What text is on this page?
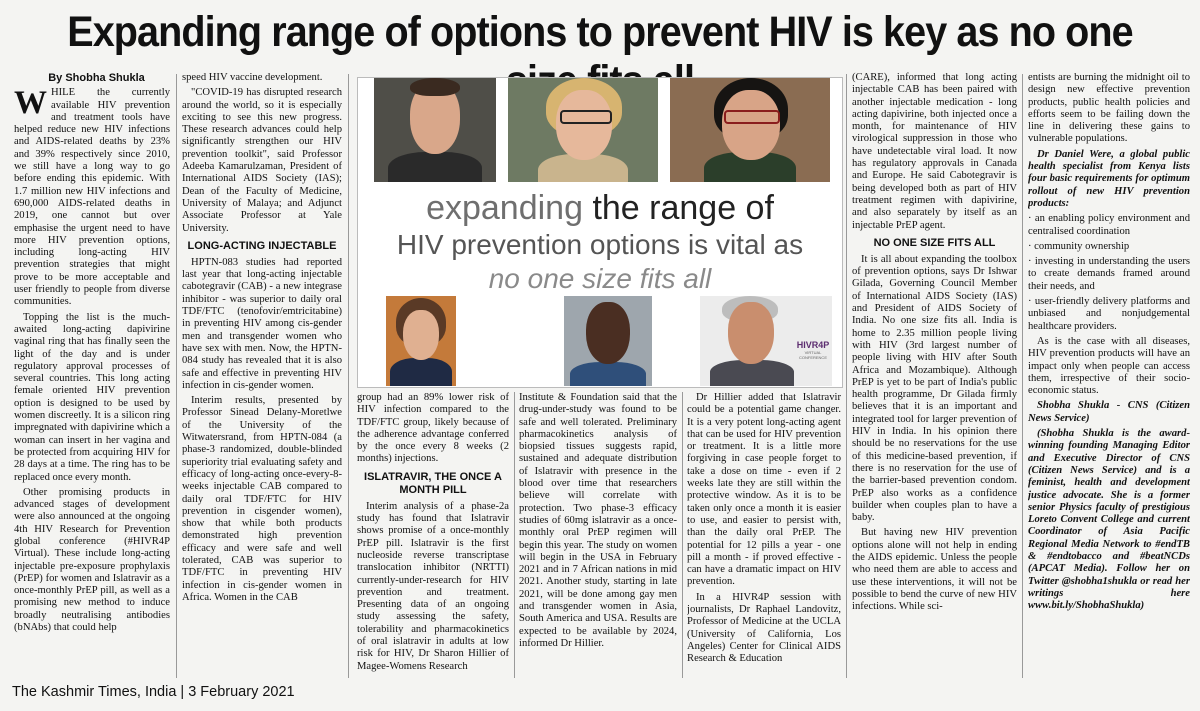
Expanding range of options to prevent HIV is key as no one

By Shobha Shukla

WHILE the currently available HIV prevention and treatment tools have helped reduce new HIV infections and AIDS-related deaths by 23% and 39% respectively since 2010, we still have a long way to go before ending this epidemic. With 1.7 million new HIV infections and 690,000 AIDS-related deaths in 2019, one cannot but over emphasise the urgent need to have more HIV prevention options, including long-acting HIV prevention strategies that might prove to be more acceptable and user friendly to people from diverse communities.

Topping the list is the much-awaited long-acting dapivirine vaginal ring that has finally seen the light of the day and is under regulatory approval processes of several countries. This long acting female oriented HIV prevention option is designed to be used by women discreetly. It is a silicon ring impregnated with dapivirine which a woman can insert in her vagina and be protected from acquiring HIV for 28 days at a time. The ring has to be replaced once every month.

Other promising products in advanced stages of development were also announced at the ongoing 4th HIV Research for Prevention global conference (#HIVR4P Virtual). These include long-acting injectable pre-exposure prophylaxis (PrEP) for women and Islatravir as a once-monthly PrEP pill, as well as a promising new method to induce broadly neutralising antibodies (bNAbs) that could help

speed HIV vaccine development.

"COVID-19 has disrupted research around the world, so it is especially exciting to see this new progress. These research advances could help significantly strengthen our HIV prevention toolkit", said Professor Adeeba Kamarulzaman, President of International AIDS Society (IAS); Dean of the Faculty of Medicine, University of Malaya; and Adjunct Associate Professor at Yale University.

LONG-ACTING INJECTABLE

HPTN-083 studies had reported last year that long-acting injectable cabotegravir (CAB) - a new integrase inhibitor - was superior to daily oral TDF/FTC (tenofovir/emtricitabine) in preventing HIV among cis-gender men and transgender women who have sex with men. Now, the HPTN-084 study has revealed that it is also safe and effective in preventing HIV infection in cis-gender women.

Interim results, presented by Professor Sinead Delany-Moretlwe of the University of the Witwatersrand, from HPTN-084 (a phase-3 randomized, double-blinded superiority trial evaluating safety and efficacy of long-acting once-every-8-weeks injectable CAB compared to daily oral TDF/FTC for HIV prevention in cisgender women), show that while both products demonstrated high prevention efficacy and were safe and well tolerated, CAB was superior to TDF/FTC in preventing HIV infection in cis-gender women in Africa. Women in the CAB

expanding the range of
HIV prevention options is vital as
no one size fits all
HIVR4P
VIRTUAL CONFERENCE

group had an 89% lower risk of HIV infection compared to the TDF/FTC group, likely because of the adherence advantage conferred by the once every 8 weeks (2 months) injections.

ISLATRAVIR, THE ONCE A MONTH PILL

Interim analysis of a phase-2a study has found that Islatravir shows promise of a once-monthly PrEP pill. Islatravir is the first nucleoside reverse transcriptase translocation inhibitor (NRTTI) currently-under-research for HIV prevention and treatment. Presenting data of an ongoing study assessing the safety, tolerability and pharmacokinetics of oral islatravir in adults at low risk for HIV, Dr Sharon Hillier of Magee-Womens Research

Institute & Foundation said that the drug-under-study was found to be safe and well tolerated. Preliminary pharmacokinetics analysis of biopsied tissues suggests rapid, sustained and adequate distribution of Islatravir with presence in the blood over time that researchers believe will correlate with protection. Two phase-3 efficacy studies of 60mg islatravir as a once-monthly oral PrEP regimen will begin this year. The study on women will begin in the USA in February 2021 and in 7 African nations in mid 2021. Another study, starting in late 2021, will be done among gay men and transgender women in Asia, South America and USA. Results are expected to be available by 2024, informed Dr Hillier.

Dr Hillier added that Islatravir could be a potential game changer. It is a very potent long-acting agent that can be used for HIV prevention or treatment. It is a little more forgiving in case people forget to take a dose on time - even if 2 weeks late they are still within the protective window. As it is to be taken only once a month it is easier to use, and easier to persist with, than the daily oral PrEP. The potential for 12 pills a year - one pill a month - if proved effective - can have a dramatic impact on HIV prevention.

In a HIVR4P session with journalists, Dr Raphael Landovitz, Professor of Medicine at the UCLA (University of California, Los Angeles) Center for Clinical AIDS Research & Education

(CARE), informed that long acting injectable CAB has been paired with another injectable medication - long acting dapivirine, both injected once a month, for maintenance of HIV virological suppression in those who have undetectable viral load. It now has regulatory approvals in Canada and Europe. He said Cabotegravir is being developed both as part of HIV treatment regimen with dapivirine, and also separately by itself as an injectable PrEP agent.

NO ONE SIZE FITS ALL

It is all about expanding the toolbox of prevention options, says Dr Ishwar Gilada, Governing Council Member of International AIDS Society (IAS) and President of AIDS Society of India. No one size fits all. India is home to 2.35 million people living with HIV (3rd largest number of people living with HIV after South Africa and Mozambique). Although PrEP is yet to be part of India's public health programme, Dr Gilada firmly believes that it is an important and integrated tool for larger prevention of HIV in India. In his opinion there should be no reservations for the use of this medicine-based prevention, if there is no reservation for the use of the barrier-based prevention condom. PrEP also works as a confidence builder when couples plan to have a baby.

But having new HIV prevention options alone will not help in ending the AIDS epidemic. Unless the people who need them are able to access and use these interventions, it will not be possible to bend the curve of new HIV infections. While sci-

entists are burning the midnight oil to design new effective prevention products, public health policies and efforts seem to be failing down the line in delivering these gains to vulnerable populations.

Dr Daniel Were, a global public health specialist from Kenya lists four basic requirements for optimum rollout of new HIV prevention products:

· an enabling policy environment and centralised coordination

· community ownership

· investing in understanding the users to create demands framed around their needs, and

· user-friendly delivery platforms and unbiased and nonjudgemental healthcare providers.

As is the case with all diseases, HIV prevention products will have an impact only when people can access them, irrespective of their socio-economic status.

Shobha Shukla - CNS (Citizen News Service)

(Shobha Shukla is the award-winning founding Managing Editor and Executive Director of CNS (Citizen News Service) and is a feminist, health and development justice advocate. She is a former senior Physics faculty of prestigious Loreto Convent College and current Coordinator of Asia Pacific Regional Media Network to #endTB & #endtobacco and #beatNCDs (APCAT Media). Follow her on Twitter @shobha1shukla or read her writings here www.bit.ly/ShobhaShukla)

The Kashmir Times, India | 3 February 2021
